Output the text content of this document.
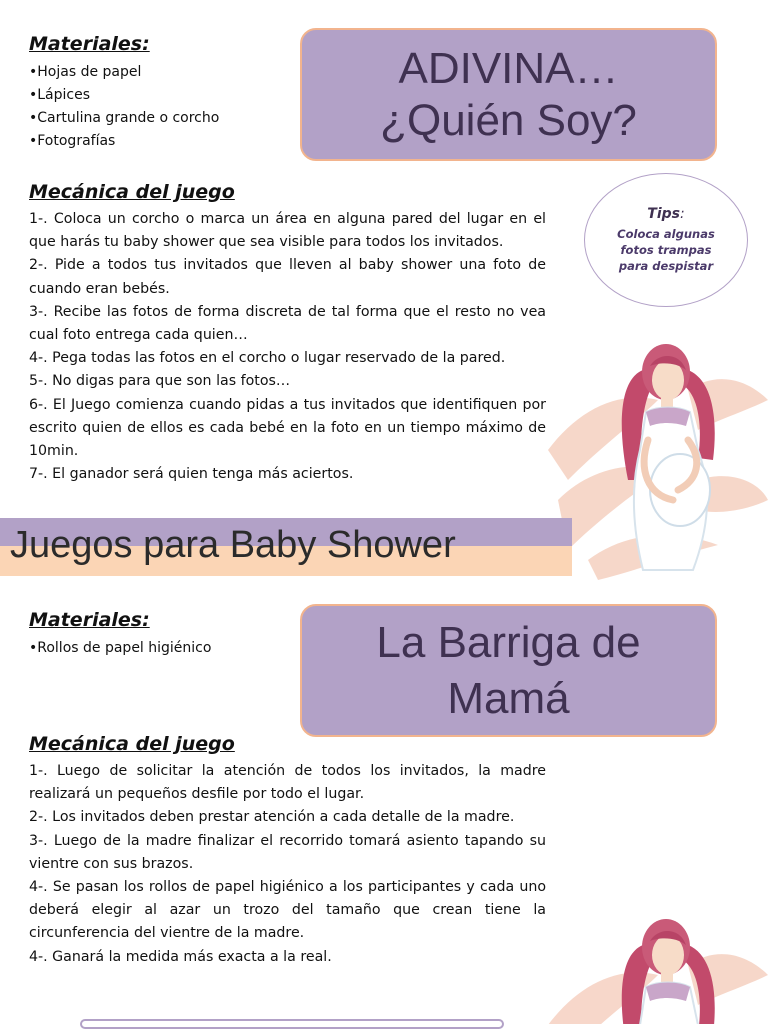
Materiales:
•Hojas de papel
•Lápices
•Cartulina grande o corcho
•Fotografías
ADIVINA…
¿Quién Soy?
Tips:
Coloca algunas
fotos trampas
para despistar
Mecánica del juego

1-. Coloca un corcho o marca un área en alguna pared del lugar en el que harás tu baby shower que sea visible para todos los invitados.

2-. Pide a todos tus invitados que lleven al baby shower una foto de cuando eran bebés.

3-. Recibe las fotos de forma discreta de tal forma que el resto no vea cual foto entrega cada quien…

4-. Pega todas las fotos en el corcho o lugar reservado de la pared.

5-. No digas para que son las fotos…

6-. El Juego comienza cuando pidas a tus invitados que identifiquen por escrito quien de ellos es cada bebé en la foto en un tiempo máximo de 10min.

7-. El ganador será quien tenga más aciertos.

Juegos para Baby Shower
Materiales:
•Rollos de papel higiénico	La Barriga de
Mamá
Mecánica del juego

1-. Luego de solicitar la atención de todos los invitados, la madre realizará un pequeños desfile por todo el lugar.

2-. Los invitados deben prestar atención a cada detalle de la madre.

3-. Luego de la madre finalizar el recorrido tomará asiento tapando su vientre con sus brazos.

4-. Se pasan los rollos de papel higiénico a los participantes y cada uno deberá elegir al azar un trozo del tamaño que crean tiene la circunferencia del vientre de la madre.

4-. Ganará la medida más exacta a la real.
